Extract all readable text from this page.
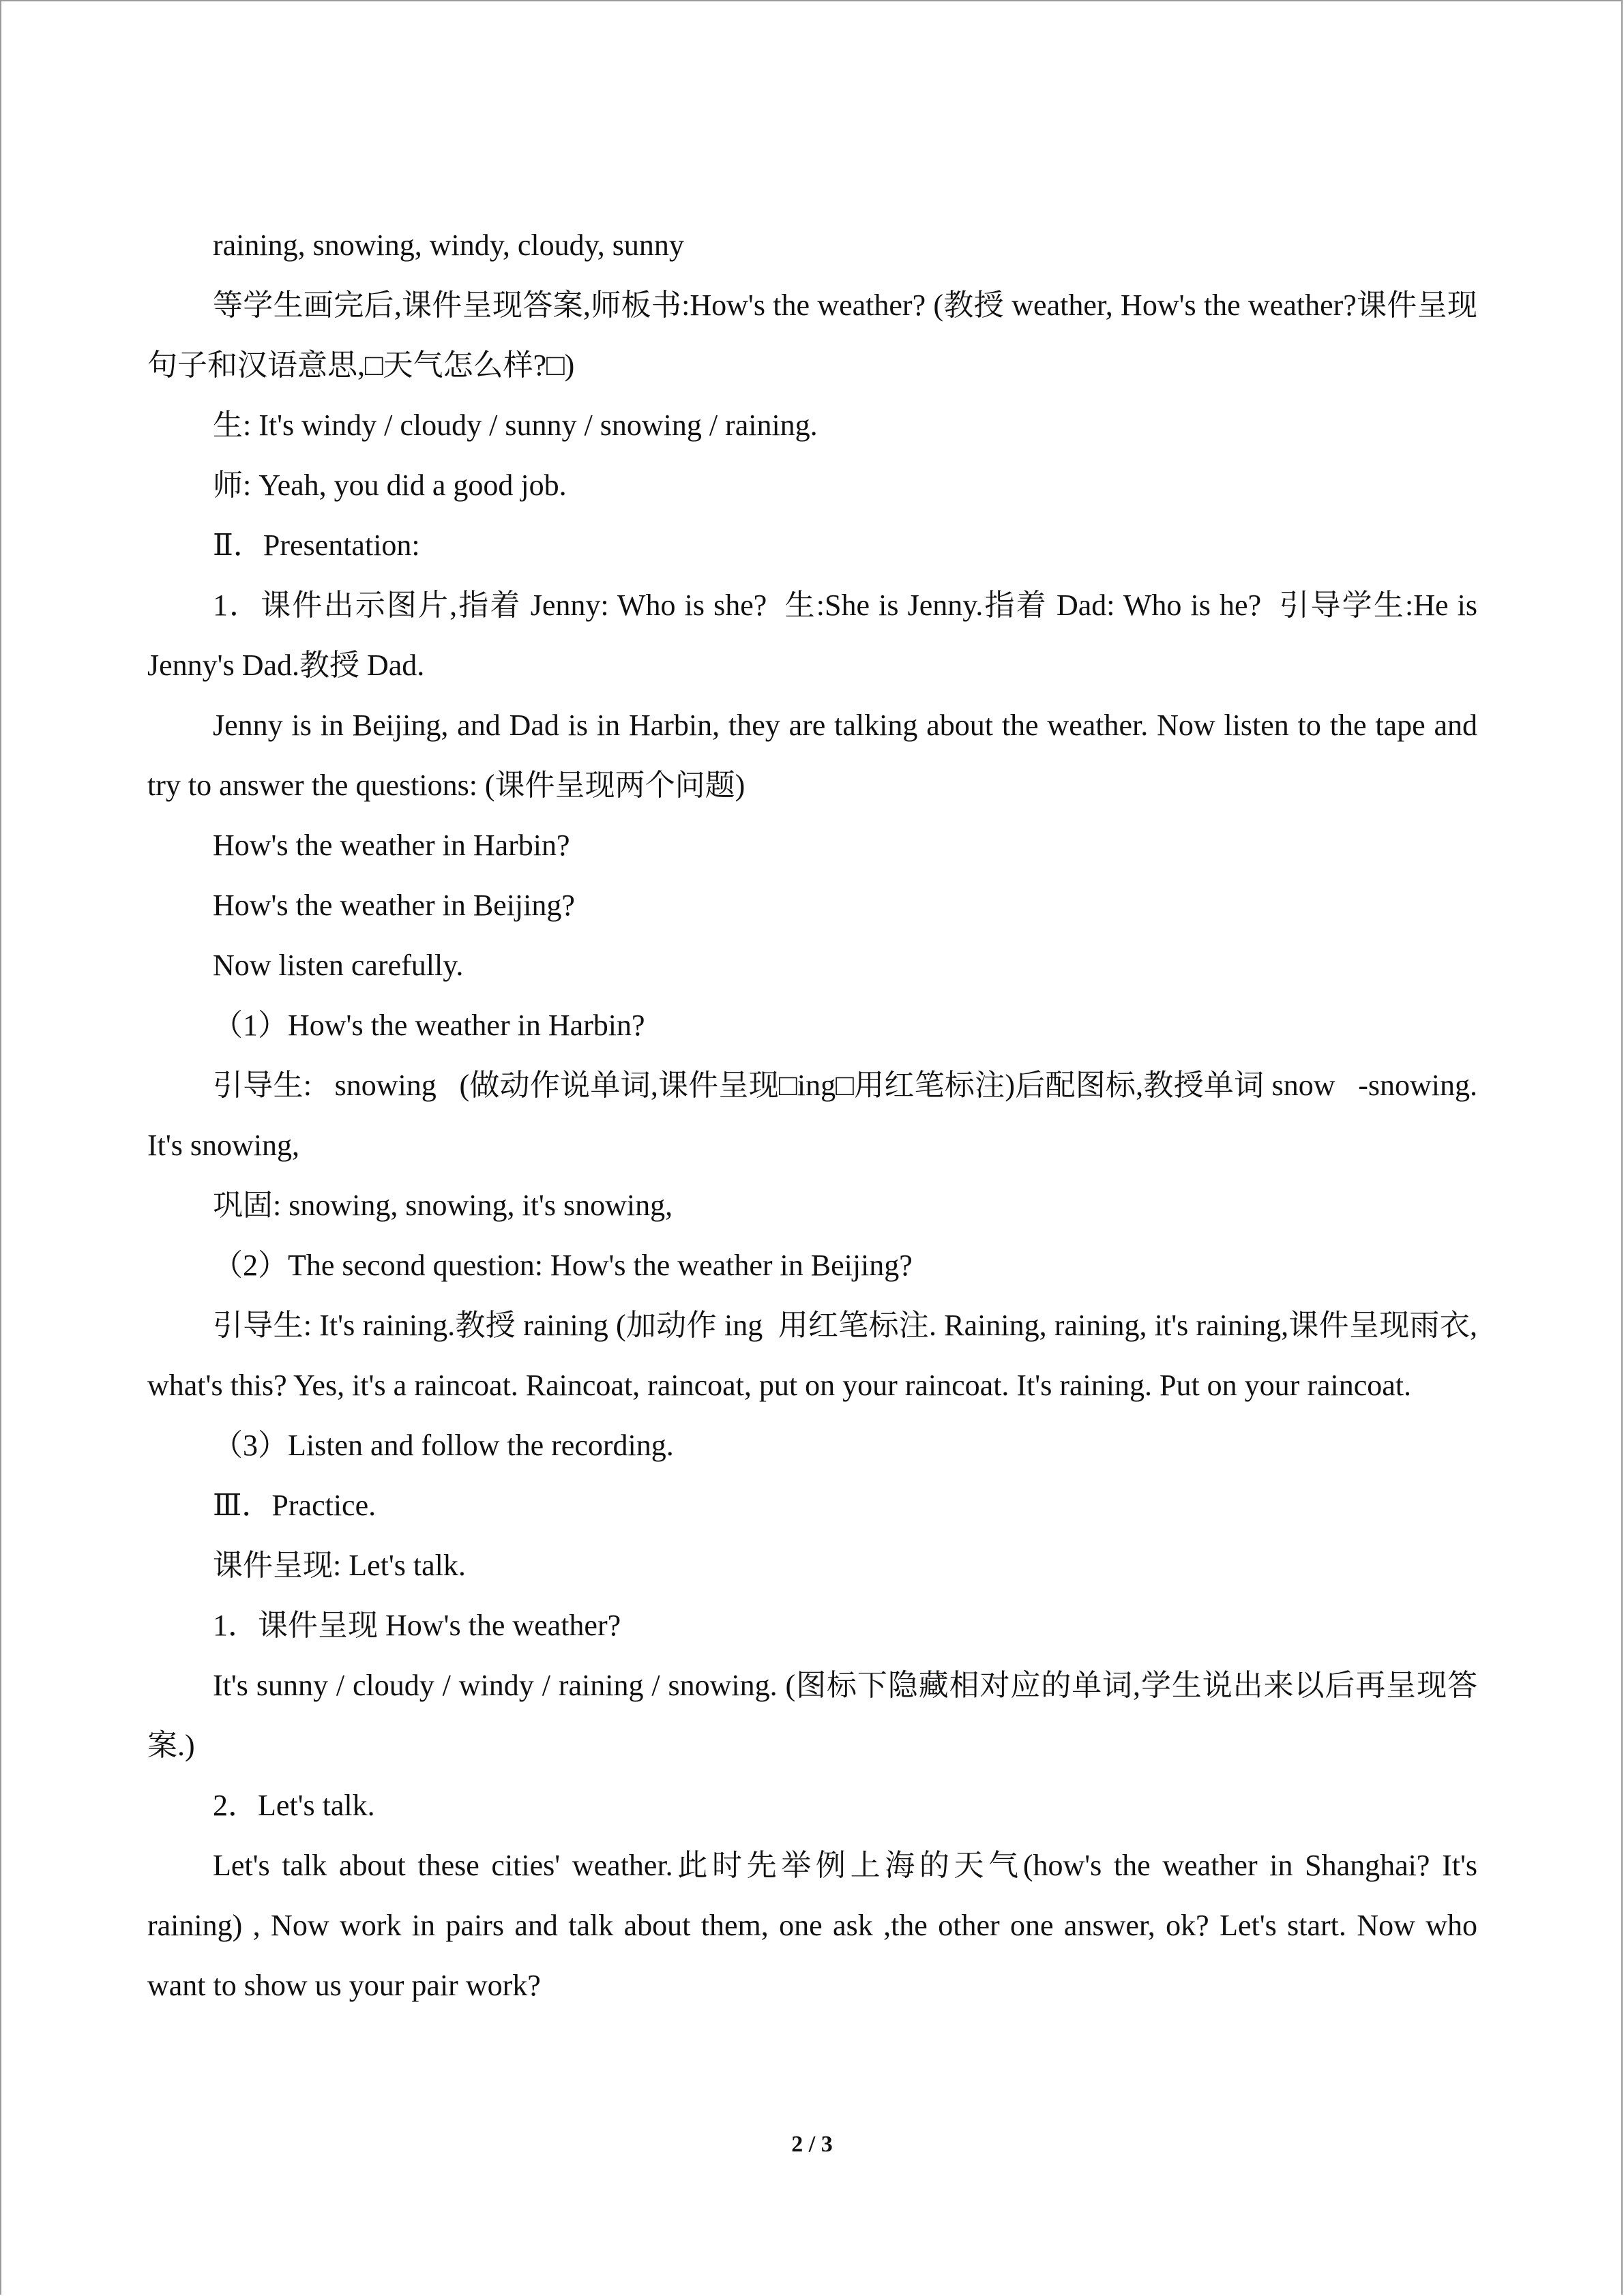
raining, snowing, windy, cloudy, sunny

等学生画完后,课件呈现答案,师板书:How's the weather? (教授 weather, How's the weather?课件呈现句子和汉语意思,□天气怎么样?□)

生: It's windy / cloudy / sunny / snowing / raining.

师: Yeah, you did a good job.

Ⅱ．Presentation:

1．课件出示图片,指着 Jenny: Who is she?  生:She is Jenny.指着 Dad: Who is he?  引导学生:He is Jenny's Dad.教授 Dad.

Jenny is in Beijing, and Dad is in Harbin, they are talking about the weather. Now listen to the tape and try to answer the questions: (课件呈现两个问题)

How's the weather in Harbin?

How's the weather in Beijing?

Now listen carefully.

（1）How's the weather in Harbin?

引导生:   snowing   (做动作说单词,课件呈现□ing□用红笔标注)后配图标,教授单词 snow   -snowing. It's snowing,

巩固: snowing, snowing, it's snowing,

（2）The second question: How's the weather in Beijing?

引导生: It's raining.教授 raining (加动作 ing  用红笔标注. Raining, raining, it's raining,课件呈现雨衣, what's this? Yes, it's a raincoat. Raincoat, raincoat, put on your raincoat. It's raining. Put on your raincoat.

（3）Listen and follow the recording.

Ⅲ．Practice.

课件呈现: Let's talk.

1．课件呈现 How's the weather?

It's sunny / cloudy / windy / raining / snowing. (图标下隐藏相对应的单词,学生说出来以后再呈现答案.)

2．Let's talk.

Let's talk about these cities' weather.此时先举例上海的天气(how's the weather in Shanghai? It's raining) , Now work in pairs and talk about them, one ask ,the other one answer, ok? Let's start. Now who want to show us your pair work?

2 / 3
